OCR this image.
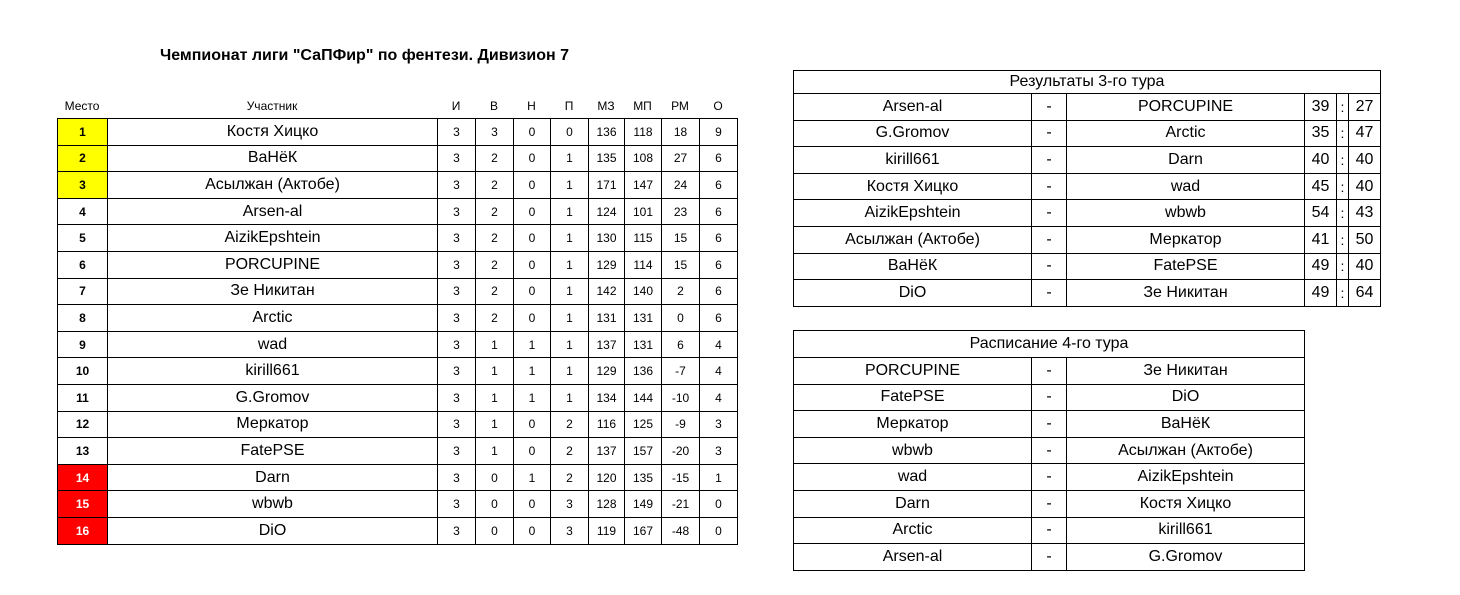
Чемпионат лиги "СаПФир" по фентези. Дивизион 7
Место	Участник	И	В	Н	П	МЗ	МП	РМ	О
1	Костя Хицко	3	3	0	0	136	118	18	9
2	ВаНёК	3	2	0	1	135	108	27	6
3	Асылжан (Актобе)	3	2	0	1	171	147	24	6
4	Arsen-al	3	2	0	1	124	101	23	6
5	AizikEpshtein	3	2	0	1	130	115	15	6
6	PORCUPINE	3	2	0	1	129	114	15	6
7	Зе Никитан	3	2	0	1	142	140	2	6
8	Arctic	3	2	0	1	131	131	0	6
9	wad	3	1	1	1	137	131	6	4
10	kirill661	3	1	1	1	129	136	-7	4
11	G.Gromov	3	1	1	1	134	144	-10	4
12	Меркатор	3	1	0	2	116	125	-9	3
13	FatePSE	3	1	0	2	137	157	-20	3
14	Darn	3	0	1	2	120	135	-15	1
15	wbwb	3	0	0	3	128	149	-21	0
16	DiO	3	0	0	3	119	167	-48	0
Результаты 3-го тура					
Arsen-al	-	PORCUPINE	39	:	27
G.Gromov	-	Arctic	35	:	47
kirill661	-	Darn	40	:	40
Костя Хицко	-	wad	45	:	40
AizikEpshtein	-	wbwb	54	:	43
Асылжан (Актобе)	-	Меркатор	41	:	50
ВаНёК	-	FatePSE	49	:	40
DiO	-	Зе Никитан	49	:	64
Расписание 4-го тура		
PORCUPINE	-	Зе Никитан
FatePSE	-	DiO
Меркатор	-	ВаНёК
wbwb	-	Асылжан (Актобе)
wad	-	AizikEpshtein
Darn	-	Костя Хицко
Arctic	-	kirill661
Arsen-al	-	G.Gromov
